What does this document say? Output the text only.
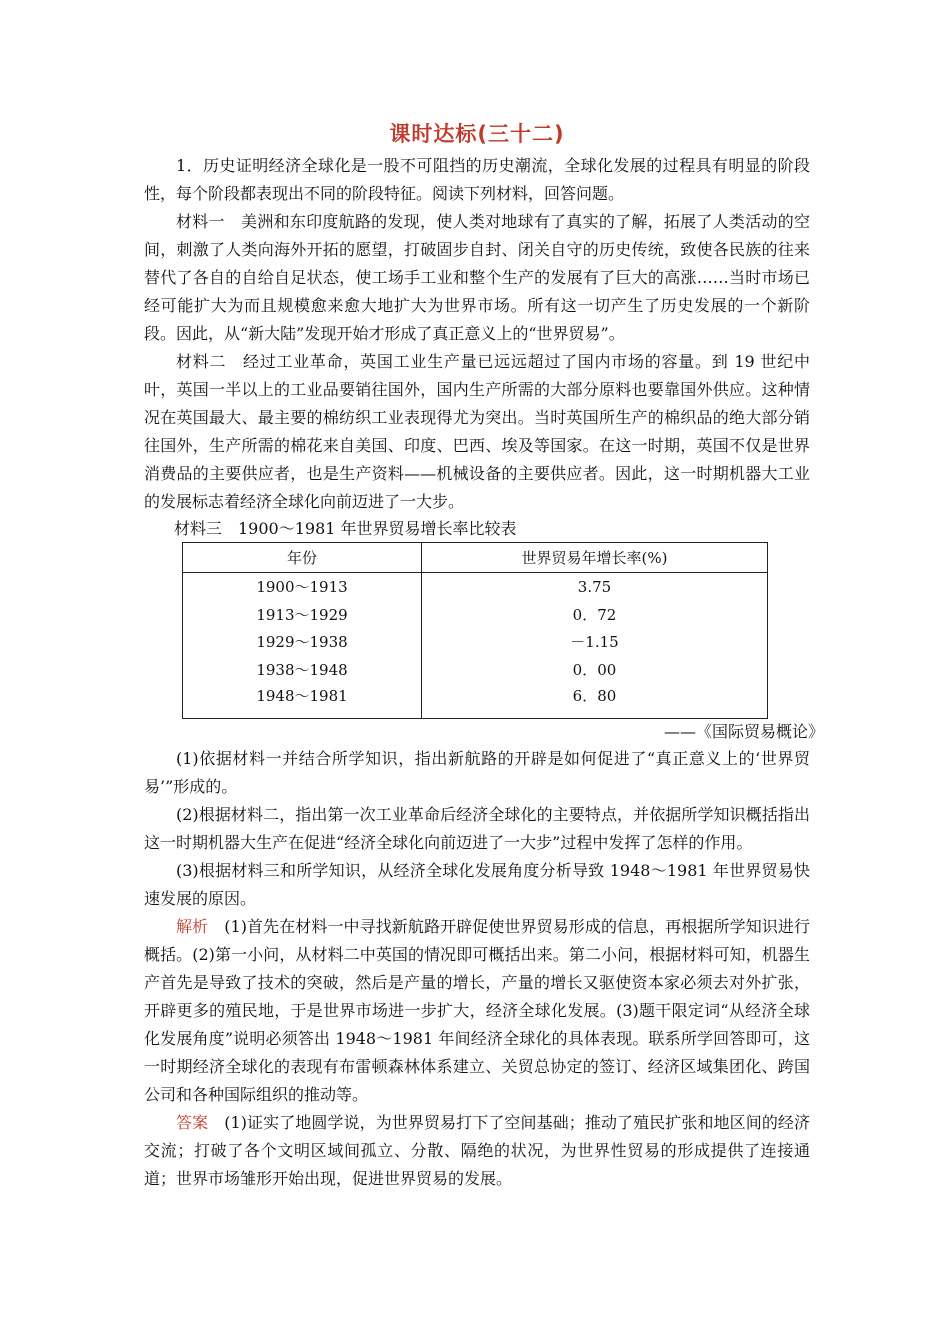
课时达标(三十二)

1．历史证明经济全球化是一股不可阻挡的历史潮流，全球化发展的过程具有明显的阶段性，每个阶段都表现出不同的阶段特征。阅读下列材料，回答问题。

材料一　美洲和东印度航路的发现，使人类对地球有了真实的了解，拓展了人类活动的空间，刺激了人类向海外开拓的愿望，打破固步自封、闭关自守的历史传统，致使各民族的往来替代了各自的自给自足状态，使工场手工业和整个生产的发展有了巨大的高涨……当时市场已经可能扩大为而且规模愈来愈大地扩大为世界市场。所有这一切产生了历史发展的一个新阶段。因此，从“新大陆”发现开始才形成了真正意义上的“世界贸易”。

材料二　经过工业革命，英国工业生产量已远远超过了国内市场的容量。到 19 世纪中叶，英国一半以上的工业品要销往国外，国内生产所需的大部分原料也要靠国外供应。这种情况在英国最大、最主要的棉纺织工业表现得尤为突出。当时英国所生产的棉织品的绝大部分销往国外，生产所需的棉花来自美国、印度、巴西、埃及等国家。在这一时期，英国不仅是世界消费品的主要供应者，也是生产资料——机械设备的主要供应者。因此，这一时期机器大工业的发展标志着经济全球化向前迈进了一大步。

材料三　1900～1981 年世界贸易增长率比较表
年份	世界贸易年增长率(%)
1900～1913	3.75
1913～1929	0．72
1929～1938	－1.15
1938～1948	0．00
1948～1981	6．80
——《国际贸易概论》

(1)依据材料一并结合所学知识，指出新航路的开辟是如何促进了“真正意义上的‘世界贸易’”形成的。

(2)根据材料二，指出第一次工业革命后经济全球化的主要特点，并依据所学知识概括指出这一时期机器大生产在促进“经济全球化向前迈进了一大步”过程中发挥了怎样的作用。

(3)根据材料三和所学知识，从经济全球化发展角度分析导致 1948～1981 年世界贸易快速发展的原因。

解析　(1)首先在材料一中寻找新航路开辟促使世界贸易形成的信息，再根据所学知识进行概括。(2)第一小问，从材料二中英国的情况即可概括出来。第二小问，根据材料可知，机器生产首先是导致了技术的突破，然后是产量的增长，产量的增长又驱使资本家必须去对外扩张，开辟更多的殖民地，于是世界市场进一步扩大，经济全球化发展。(3)题干限定词“从经济全球化发展角度”说明必须答出 1948～1981 年间经济全球化的具体表现。联系所学回答即可，这一时期经济全球化的表现有布雷顿森林体系建立、关贸总协定的签订、经济区域集团化、跨国公司和各种国际组织的推动等。

答案　(1)证实了地圆学说，为世界贸易打下了空间基础；推动了殖民扩张和地区间的经济交流；打破了各个文明区域间孤立、分散、隔绝的状况，为世界性贸易的形成提供了连接通道；世界市场雏形开始出现，促进世界贸易的发展。
